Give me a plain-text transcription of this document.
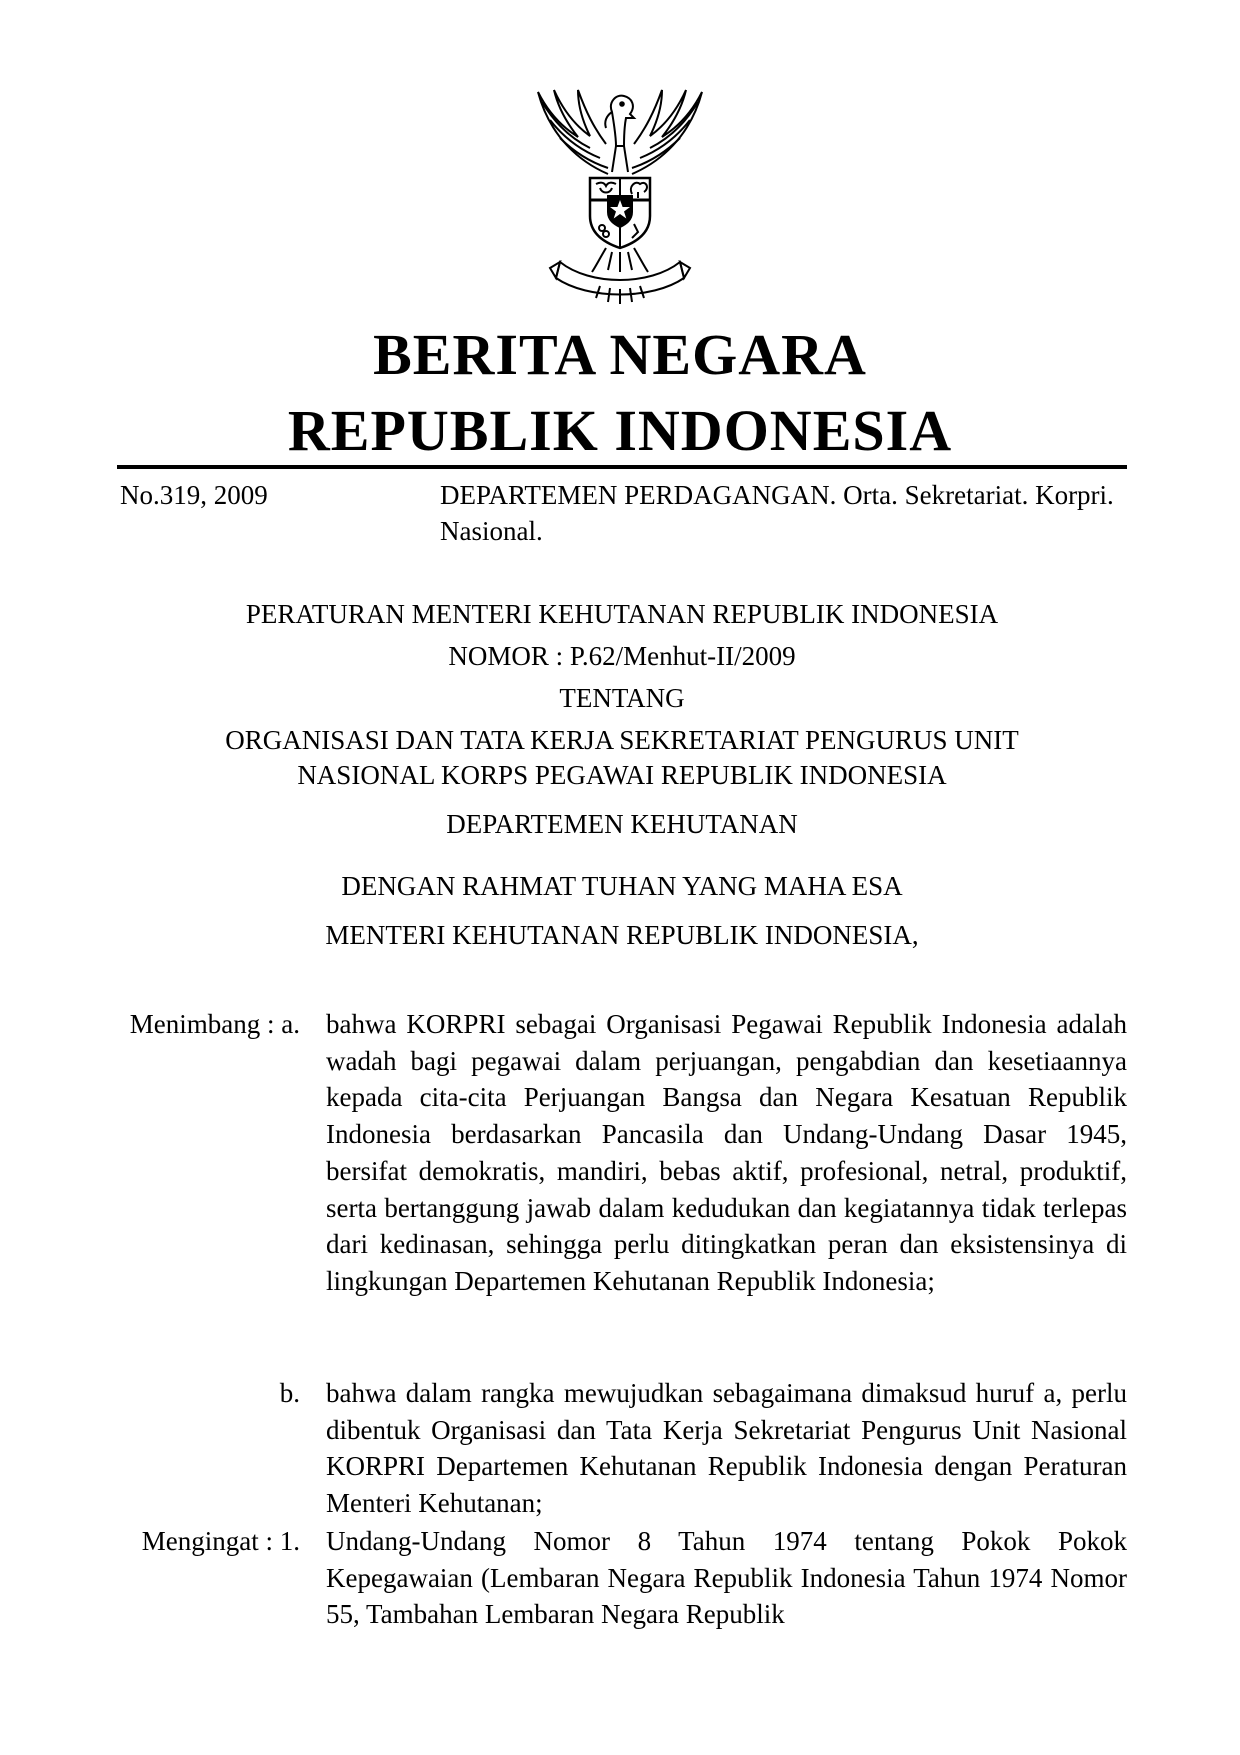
BERITA NEGARA
REPUBLIK INDONESIA
No.319, 2009	DEPARTEMEN PERDAGANGAN. Orta. Sekretariat. Korpri. Nasional.
PERATURAN MENTERI KEHUTANAN REPUBLIK INDONESIA
NOMOR : P.62/Menhut-II/2009
TENTANG
ORGANISASI DAN TATA KERJA SEKRETARIAT PENGURUS UNIT
NASIONAL KORPS PEGAWAI REPUBLIK INDONESIA
DEPARTEMEN KEHUTANAN
DENGAN RAHMAT TUHAN YANG MAHA ESA
MENTERI KEHUTANAN REPUBLIK INDONESIA,
Menimbang : a. bahwa KORPRI sebagai Organisasi Pegawai Republik Indonesia adalah wadah bagi pegawai dalam perjuangan, pengabdian dan kesetiaannya kepada cita-cita Perjuangan Bangsa dan Negara Kesatuan Republik Indonesia berdasarkan Pancasila dan Undang-Undang Dasar 1945, bersifat demokratis, mandiri, bebas aktif, profesional, netral, produktif, serta bertanggung jawab dalam kedudukan dan kegiatannya tidak terlepas dari kedinasan, sehingga perlu ditingkatkan peran dan eksistensinya di lingkungan Departemen Kehutanan Republik Indonesia;
b. bahwa dalam rangka mewujudkan sebagaimana dimaksud huruf a, perlu dibentuk Organisasi dan Tata Kerja Sekretariat Pengurus Unit Nasional KORPRI Departemen Kehutanan Republik Indonesia dengan Peraturan Menteri Kehutanan;
Mengingat : 1. Undang-Undang Nomor 8 Tahun 1974 tentang Pokok Pokok Kepegawaian (Lembaran Negara Republik Indonesia Tahun 1974 Nomor 55, Tambahan Lembaran Negara Republik
